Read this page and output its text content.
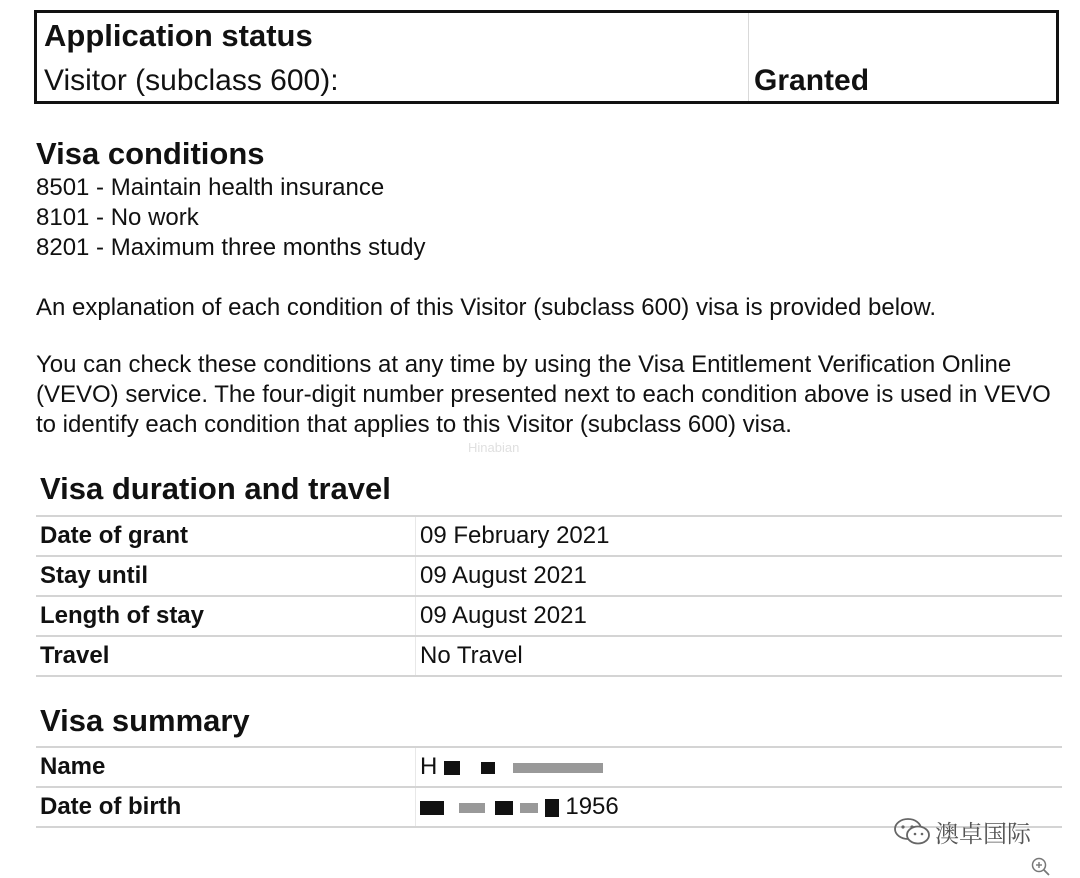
Application status
Visitor (subclass 600):	Granted
Visa conditions
8501 - Maintain health insurance
8101 - No work
8201 - Maximum three months study

An explanation of each condition of this Visitor (subclass 600) visa is provided below.

You can check these conditions at any time by using the Visa Entitlement Verification Online (VEVO) service. The four-digit number presented next to each condition above is used in VEVO to identify each condition that applies to this Visitor (subclass 600) visa.

Hinabian
Visa duration and travel
Date of grant	09 February 2021
Stay until	09 August 2021
Length of stay	09 August 2021
Travel	No Travel
Visa summary
Name	H
Date of birth	1956
澳卓国际
